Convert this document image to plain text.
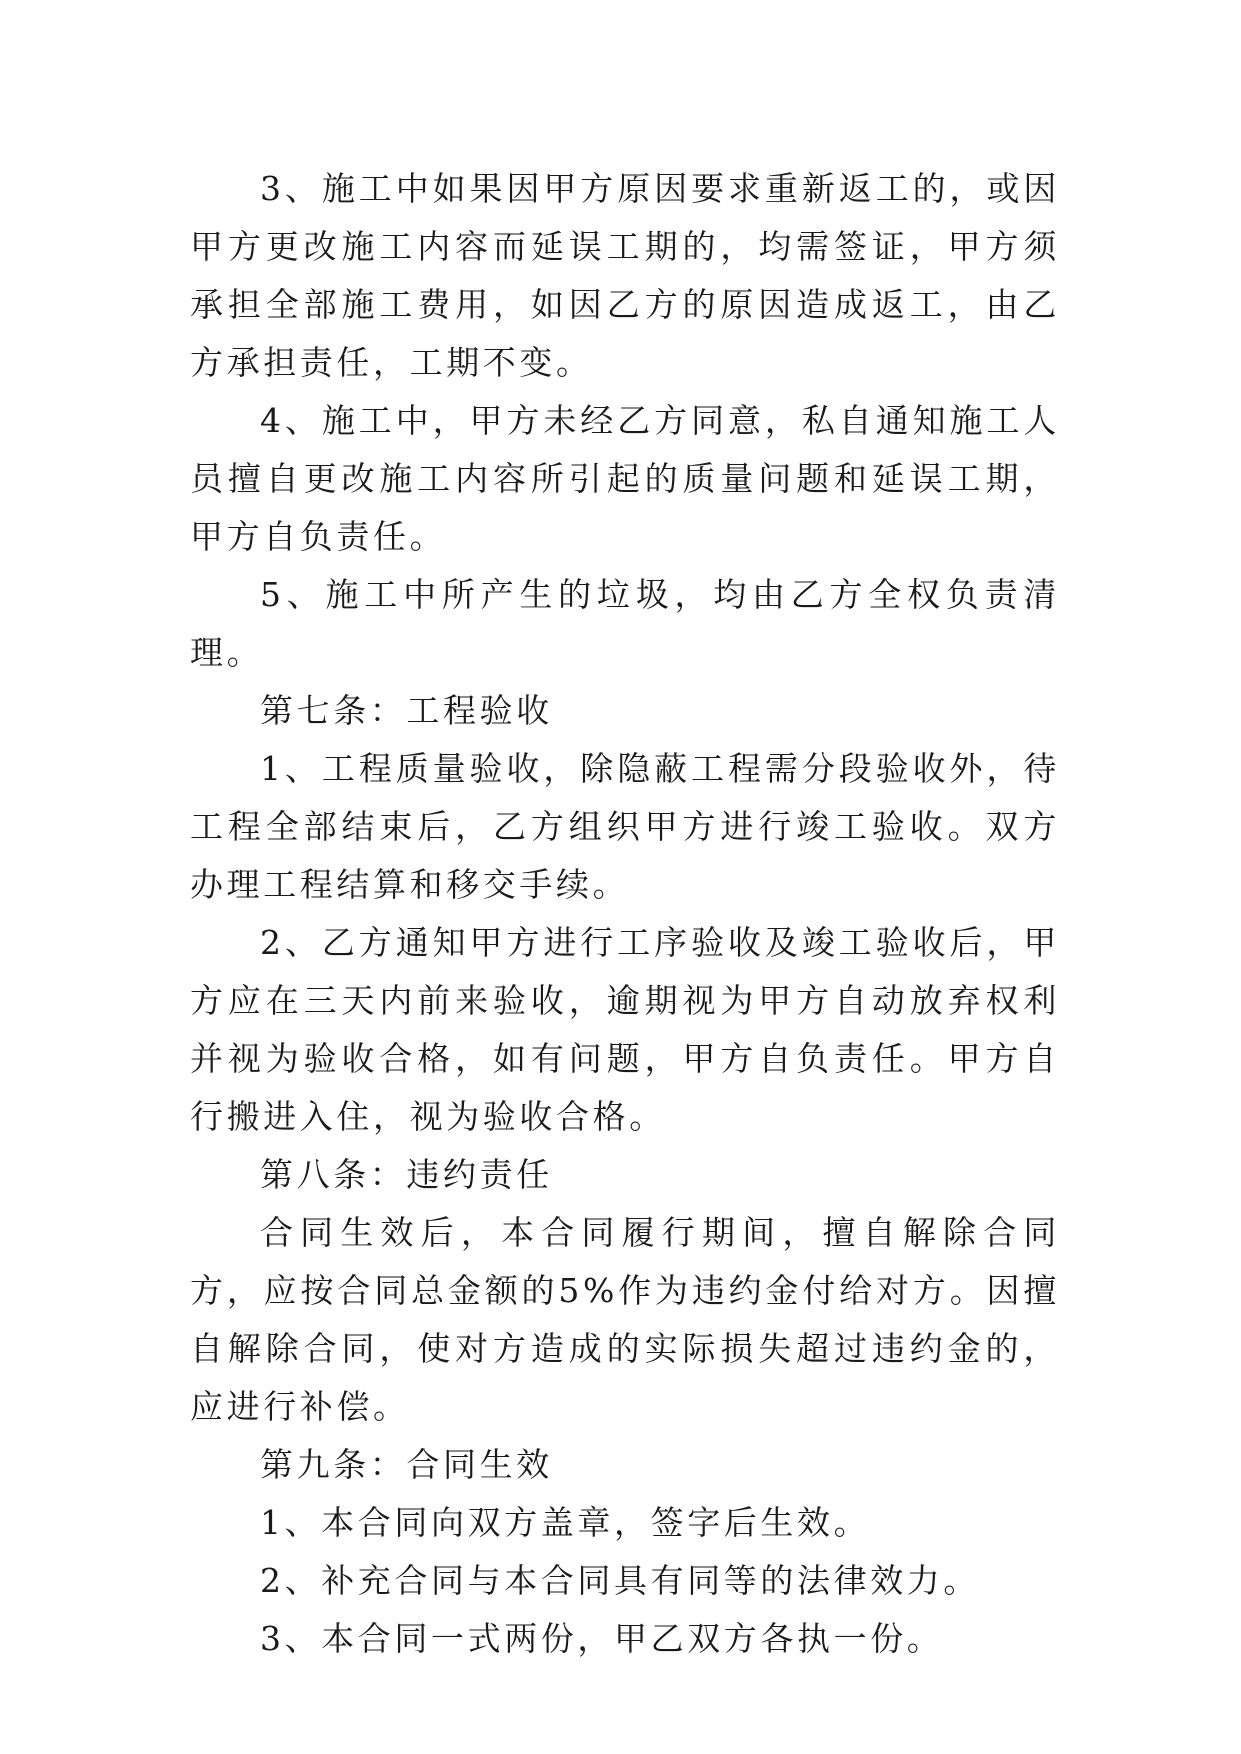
3、施工中如果因甲方原因要求重新返工的，或因甲方更改施工内容而延误工期的，均需签证，甲方须承担全部施工费用，如因乙方的原因造成返工，由乙方承担责任，工期不变。

4、施工中，甲方未经乙方同意，私自通知施工人员擅自更改施工内容所引起的质量问题和延误工期，甲方自负责任。

5、施工中所产生的垃圾，均由乙方全权负责清理。

第七条：工程验收

1、工程质量验收，除隐蔽工程需分段验收外，待工程全部结束后，乙方组织甲方进行竣工验收。双方办理工程结算和移交手续。

2、乙方通知甲方进行工序验收及竣工验收后，甲方应在三天内前来验收，逾期视为甲方自动放弃权利并视为验收合格，如有问题，甲方自负责任。甲方自行搬进入住，视为验收合格。

第八条：违约责任

合同生效后，本合同履行期间，擅自解除合同方，应按合同总金额的5%作为违约金付给对方。因擅自解除合同，使对方造成的实际损失超过违约金的，应进行补偿。

第九条：合同生效

1、本合同向双方盖章，签字后生效。

2、补充合同与本合同具有同等的法律效力。

3、本合同一式两份，甲乙双方各执一份。
